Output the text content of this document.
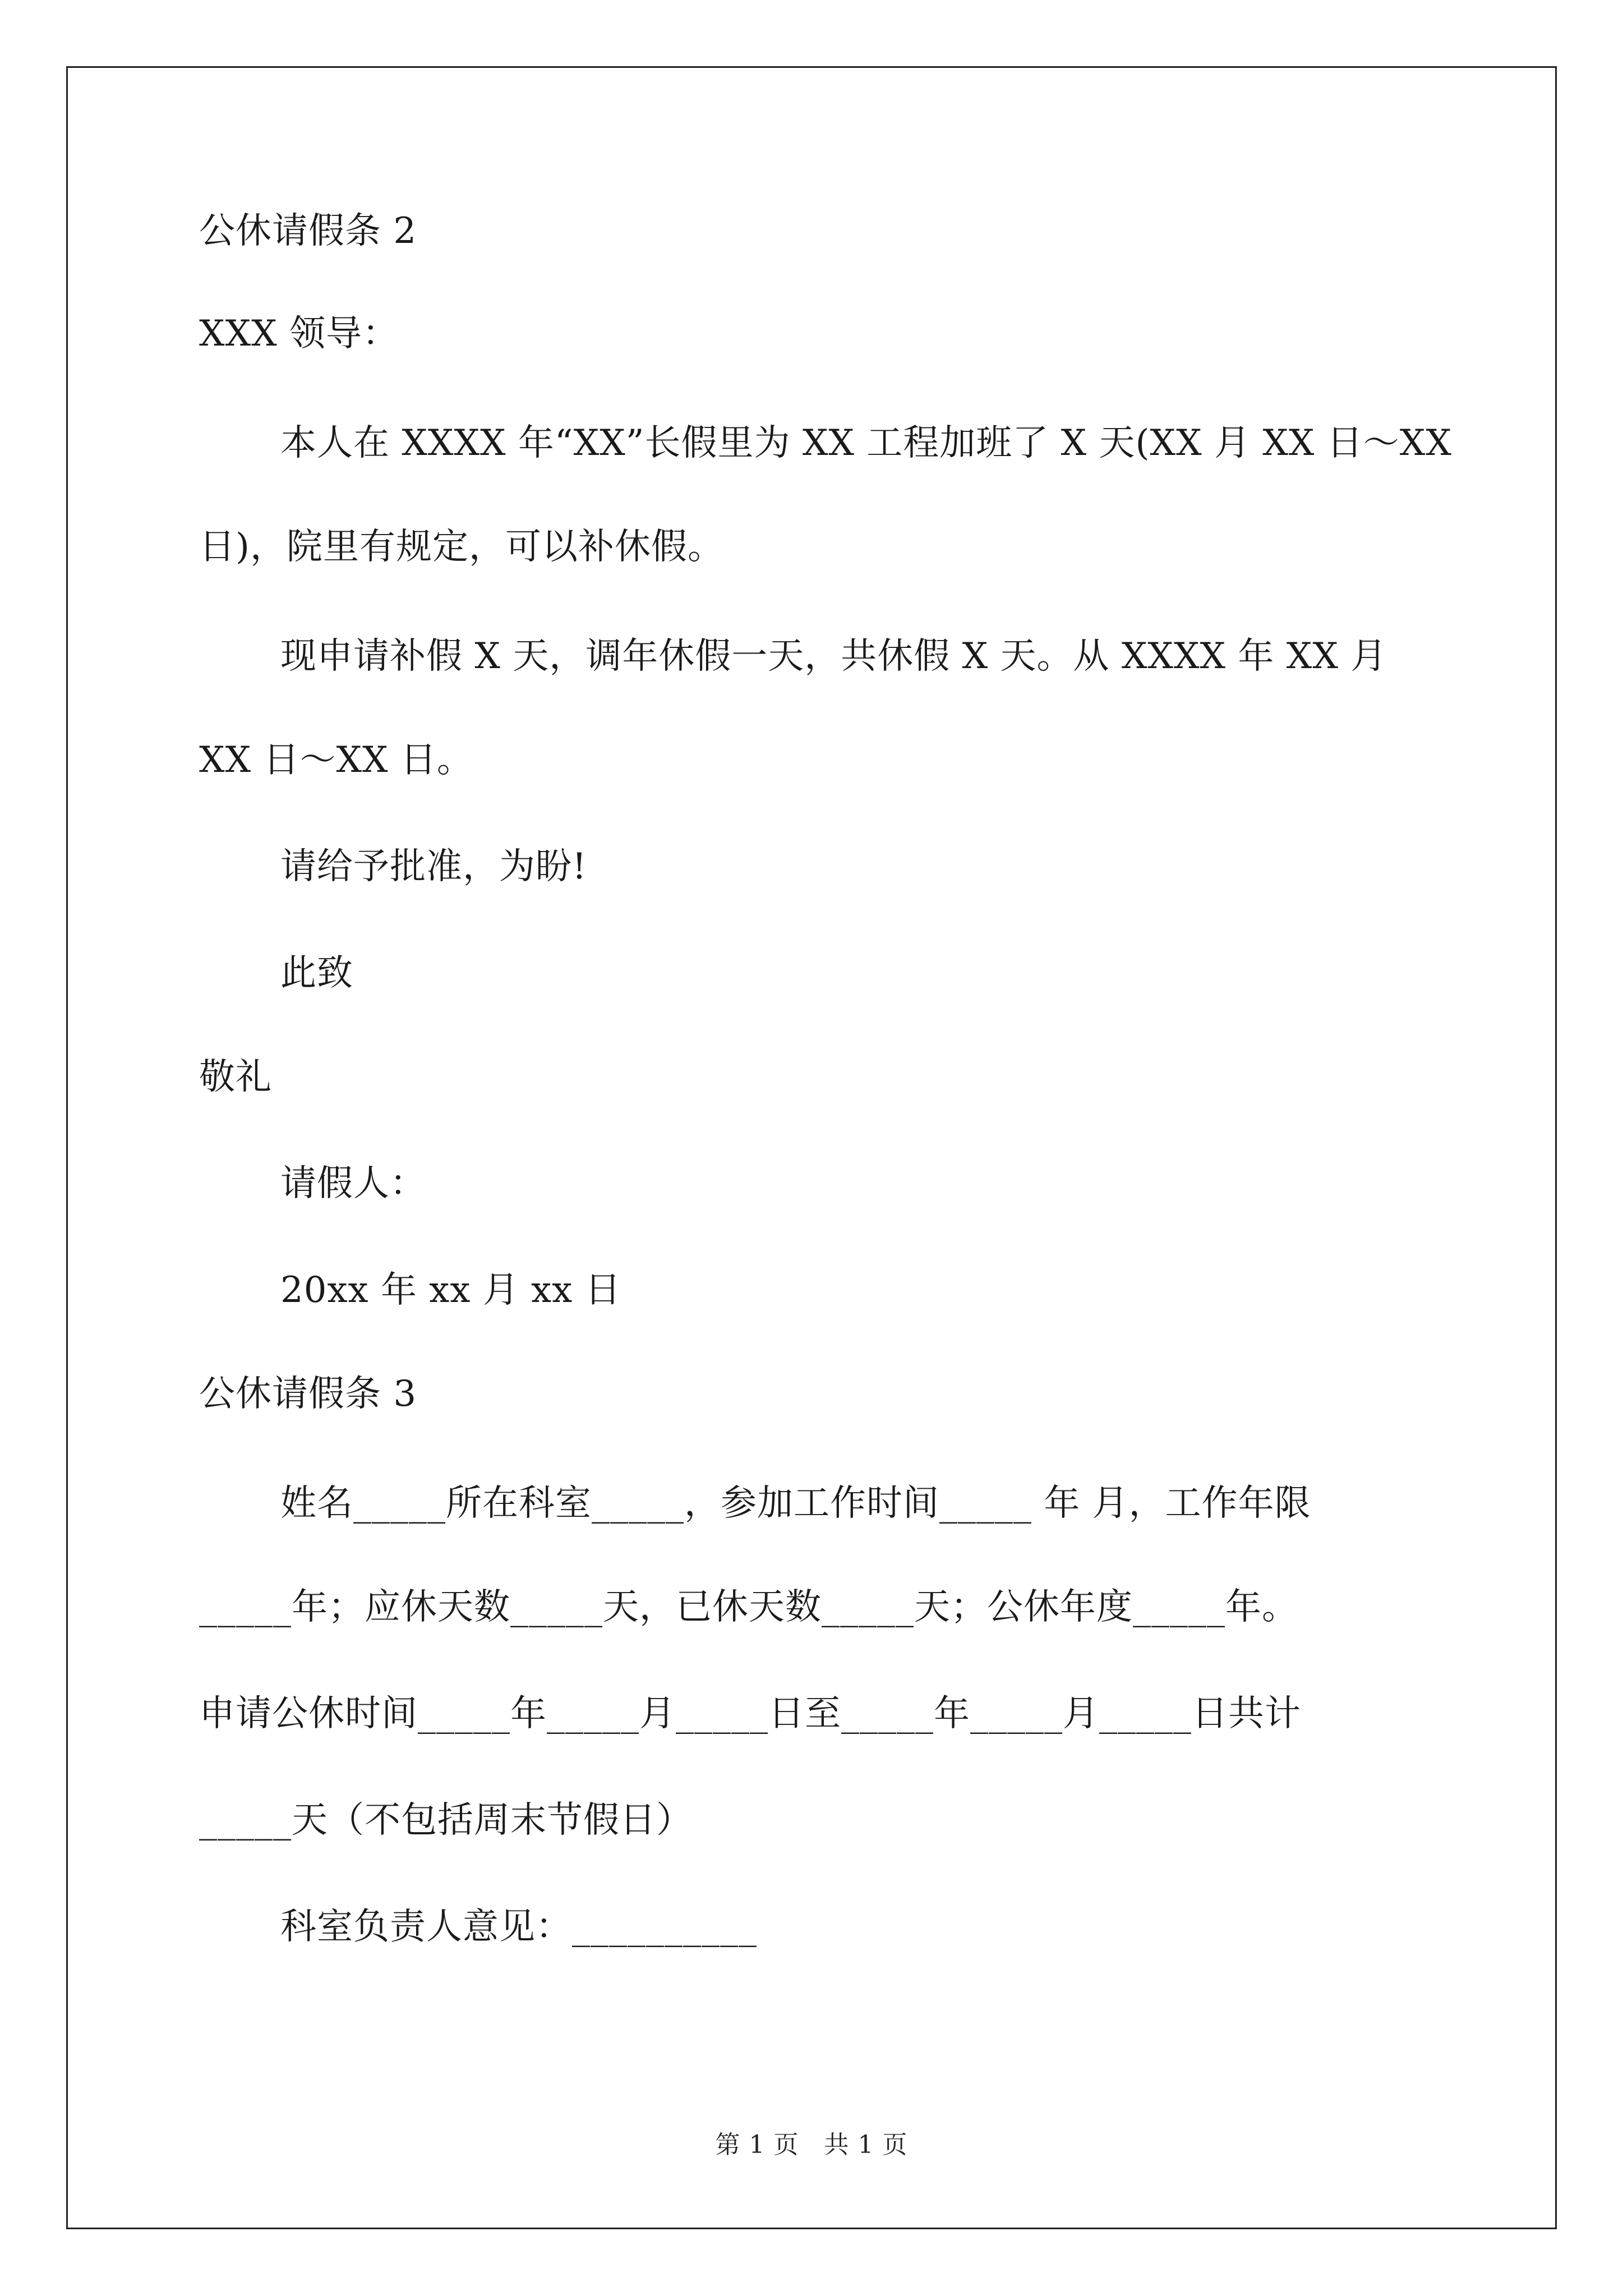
公休请假条 2
XXX 领导：
本人在 XXXX 年“XX”长假里为 XX 工程加班了 X 天(XX 月 XX 日～XX
日)，院里有规定，可以补休假。
现申请补假 X 天，调年休假一天，共休假 X 天。从 XXXX 年 XX 月
XX 日～XX 日。
请给予批准，为盼!
此致
敬礼
请假人：
20xx 年 xx 月 xx 日
公休请假条 3
姓名_____所在科室_____，参加工作时间_____ 年 月，工作年限
_____年；应休天数_____天，已休天数_____天；公休年度_____年。
申请公休时间_____年_____月_____日至_____年_____月_____日共计
_____天（不包括周末节假日）
科室负责人意见：__________
第 1 页　共 1 页
